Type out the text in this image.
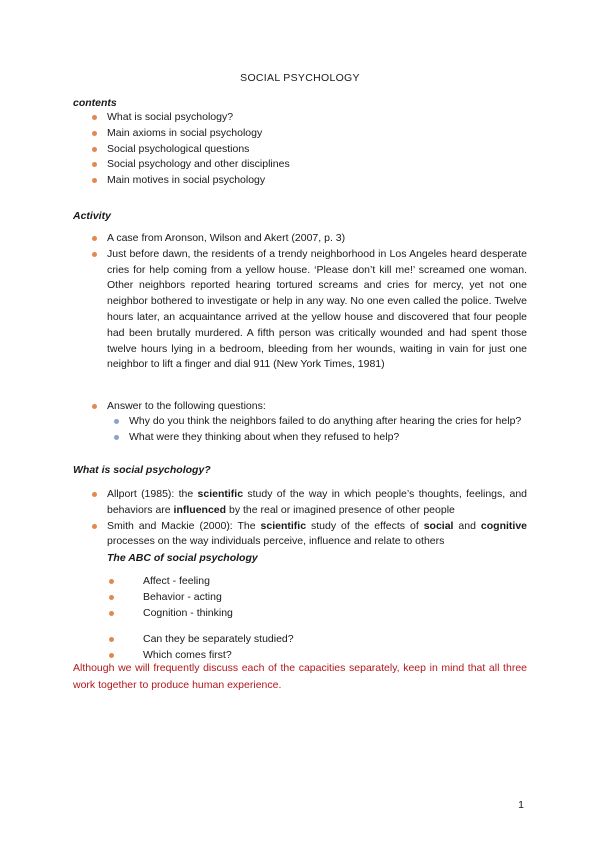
SOCIAL PSYCHOLOGY
contents
What is social psychology?
Main axioms in social psychology
Social psychological questions
Social psychology and other disciplines
Main motives in social psychology
Activity
A case from Aronson, Wilson and Akert (2007, p. 3)
Just before dawn, the residents of a trendy neighborhood in Los Angeles heard desperate cries for help coming from a yellow house. ‘Please don’t kill me!’ screamed one woman. Other neighbors reported hearing tortured screams and cries for mercy, yet not one neighbor bothered to investigate or help in any way. No one even called the police. Twelve hours later, an acquaintance arrived at the yellow house and discovered that four people had been brutally murdered. A fifth person was critically wounded and had spent those twelve hours lying in a bedroom, bleeding from her wounds, waiting in vain for just one neighbor to lift a finger and dial 911 (New York Times, 1981)
Answer to the following questions:
Why do you think the neighbors failed to do anything after hearing the cries for help?
What were they thinking about when they refused to help?
What is social psychology?
Allport (1985): the scientific study of the way in which people’s thoughts, feelings, and behaviors are influenced by the real or imagined presence of other people
Smith and Mackie (2000): The scientific study of the effects of social and cognitive processes on the way individuals perceive, influence and relate to others
The ABC of social psychology
Affect - feeling
Behavior - acting
Cognition - thinking
Can they be separately studied?
Which comes first?
Although we will frequently discuss each of the capacities separately, keep in mind that all three work together to produce human experience.
1
